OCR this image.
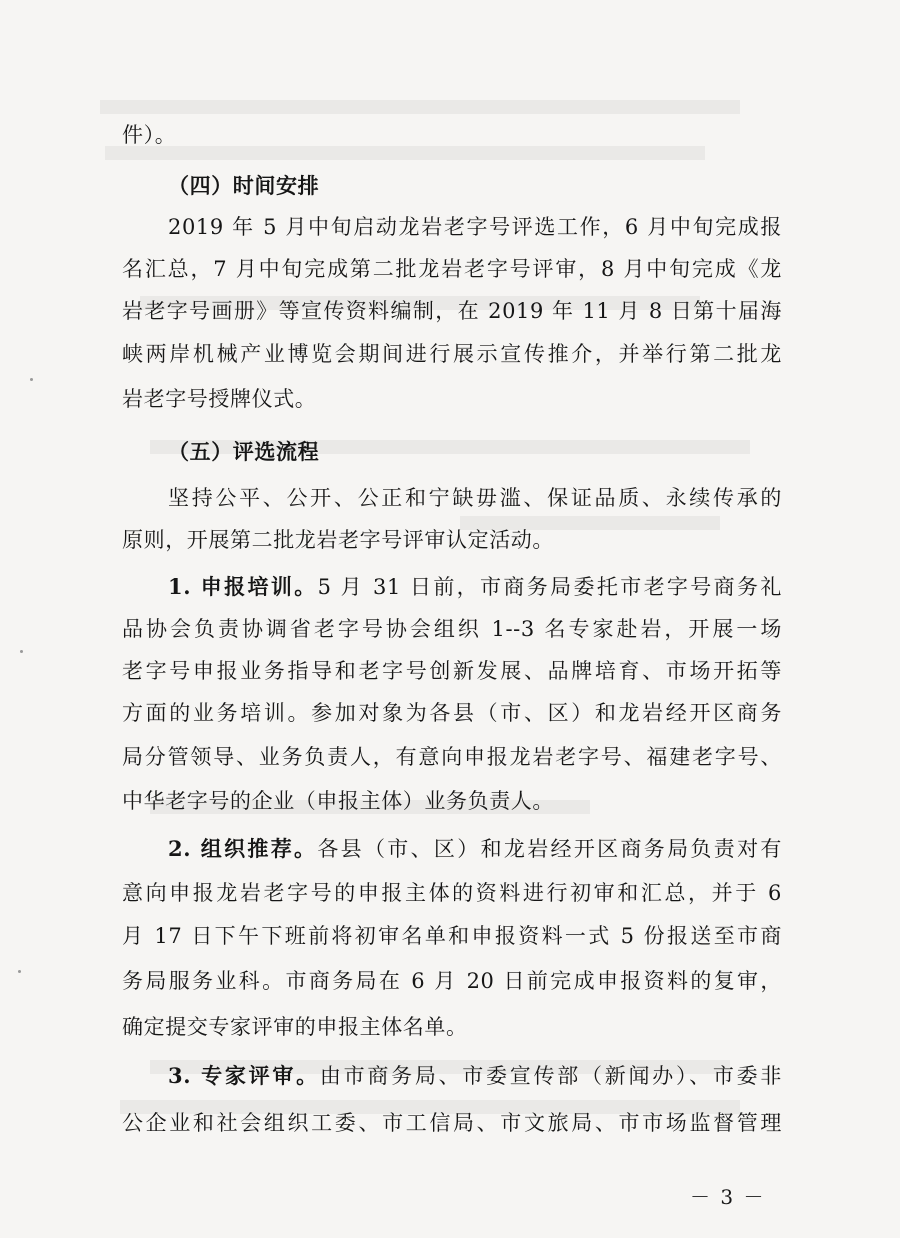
件）。
（四）时间安排
2019 年 5 月中旬启动龙岩老字号评选工作，6 月中旬完成报
名汇总，7 月中旬完成第二批龙岩老字号评审，8 月中旬完成《龙
岩老字号画册》等宣传资料编制，在 2019 年 11 月 8 日第十届海
峡两岸机械产业博览会期间进行展示宣传推介，并举行第二批龙
岩老字号授牌仪式。
（五）评选流程
坚持公平、公开、公正和宁缺毋滥、保证品质、永续传承的
原则，开展第二批龙岩老字号评审认定活动。
1. 申报培训。5 月 31 日前，市商务局委托市老字号商务礼
品协会负责协调省老字号协会组织 1--3 名专家赴岩，开展一场
老字号申报业务指导和老字号创新发展、品牌培育、市场开拓等
方面的业务培训。参加对象为各县（市、区）和龙岩经开区商务
局分管领导、业务负责人，有意向申报龙岩老字号、福建老字号、
中华老字号的企业（申报主体）业务负责人。
2. 组织推荐。各县（市、区）和龙岩经开区商务局负责对有
意向申报龙岩老字号的申报主体的资料进行初审和汇总，并于 6
月 17 日下午下班前将初审名单和申报资料一式 5 份报送至市商
务局服务业科。市商务局在 6 月 20 日前完成申报资料的复审，
确定提交专家评审的申报主体名单。
3. 专家评审。由市商务局、市委宣传部（新闻办）、市委非
公企业和社会组织工委、市工信局、市文旅局、市市场监督管理
－ 3 －
